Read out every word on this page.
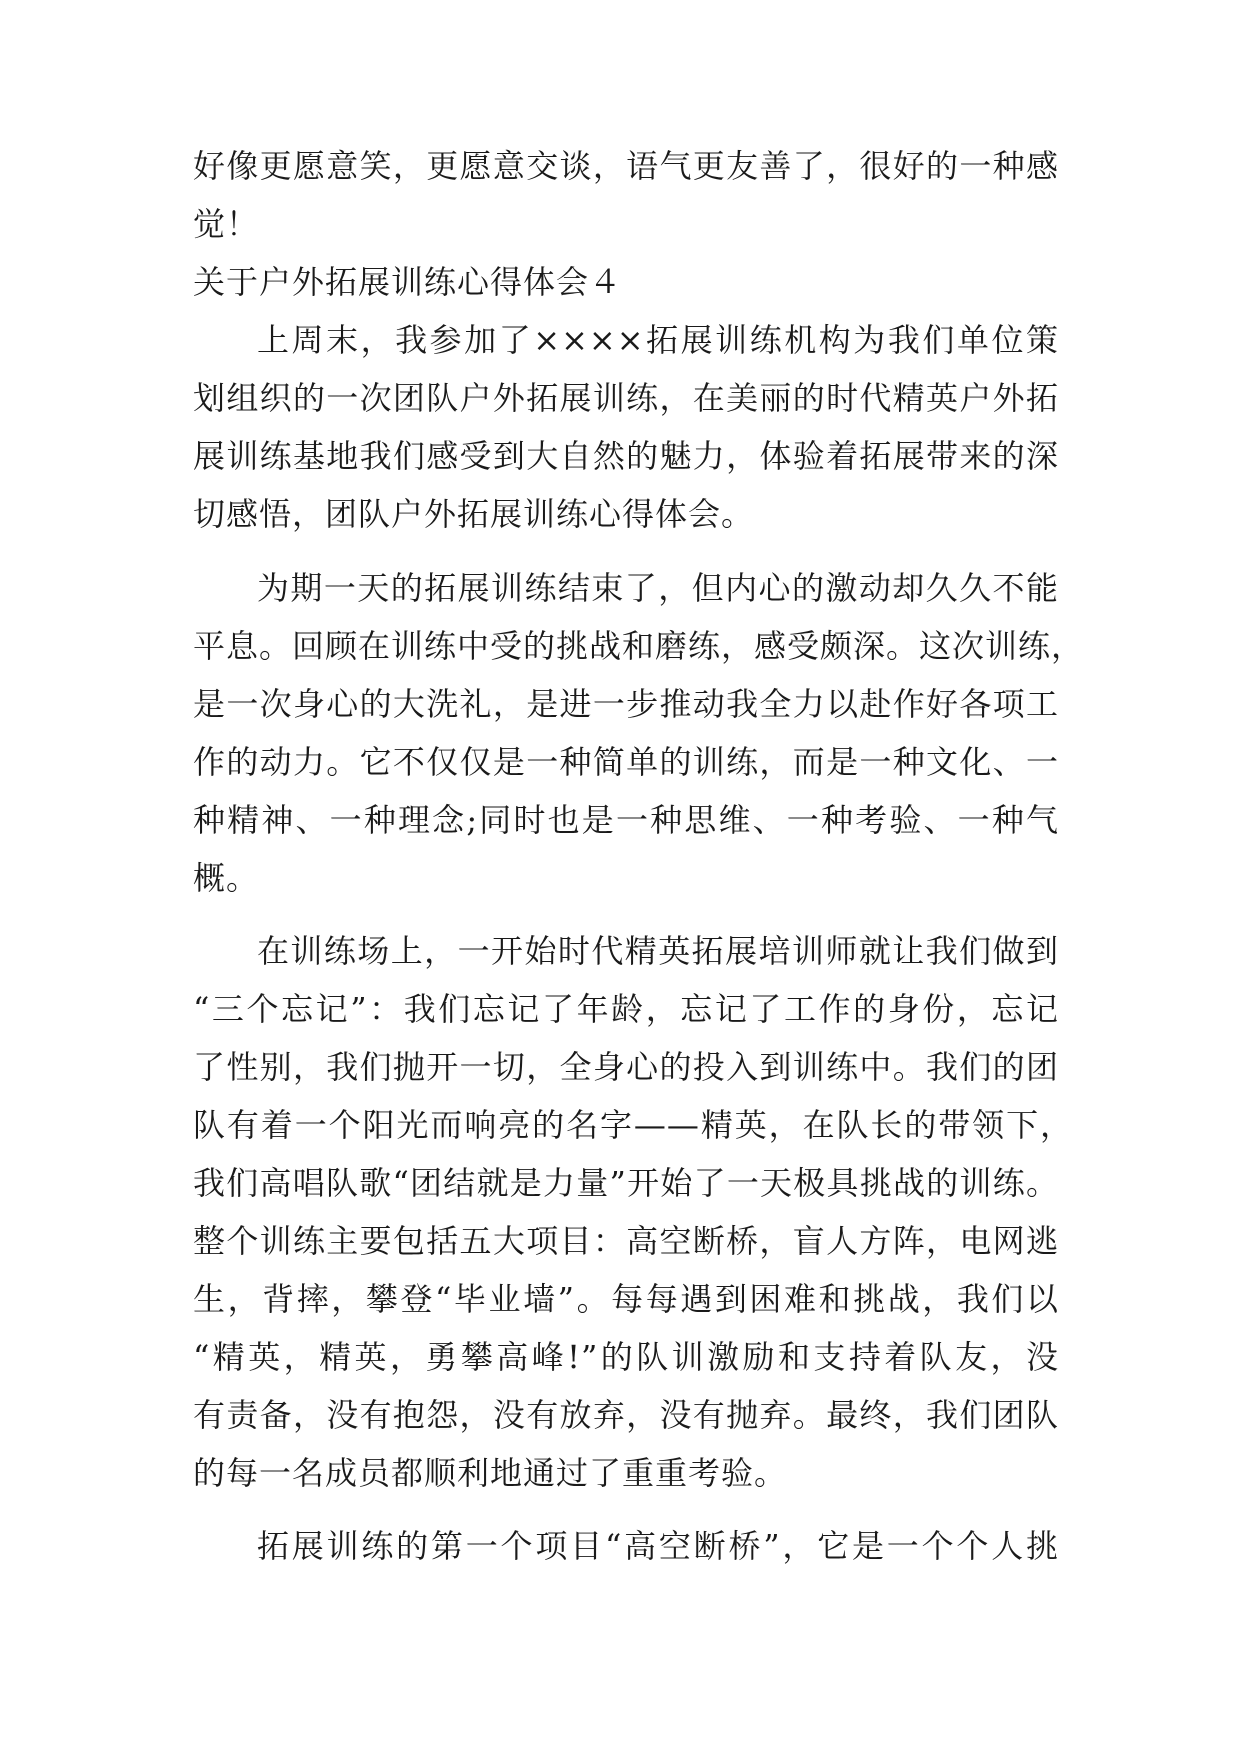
好像更愿意笑，更愿意交谈，语气更友善了，很好的一种感
觉！
关于户外拓展训练心得体会４
上周末，我参加了××××拓展训练机构为我们单位策
划组织的一次团队户外拓展训练，在美丽的时代精英户外拓
展训练基地我们感受到大自然的魅力，体验着拓展带来的深
切感悟，团队户外拓展训练心得体会。
为期一天的拓展训练结束了，但内心的激动却久久不能
平息。回顾在训练中受的挑战和磨练，感受颇深。这次训练，
是一次身心的大洗礼，是进一步推动我全力以赴作好各项工
作的动力。它不仅仅是一种简单的训练，而是一种文化、一
种精神、一种理念;同时也是一种思维、一种考验、一种气
概。
在训练场上，一开始时代精英拓展培训师就让我们做到
“三个忘记”：我们忘记了年龄，忘记了工作的身份，忘记
了性别，我们抛开一切，全身心的投入到训练中。我们的团
队有着一个阳光而响亮的名字——精英，在队长的带领下，
我们高唱队歌“团结就是力量”开始了一天极具挑战的训练。
整个训练主要包括五大项目：高空断桥，盲人方阵，电网逃
生，背摔，攀登“毕业墙”。每每遇到困难和挑战，我们以
“精英，精英，勇攀高峰!”的队训激励和支持着队友，没
有责备，没有抱怨，没有放弃，没有抛弃。最终，我们团队
的每一名成员都顺利地通过了重重考验。
拓展训练的第一个项目“高空断桥”，它是一个个人挑
